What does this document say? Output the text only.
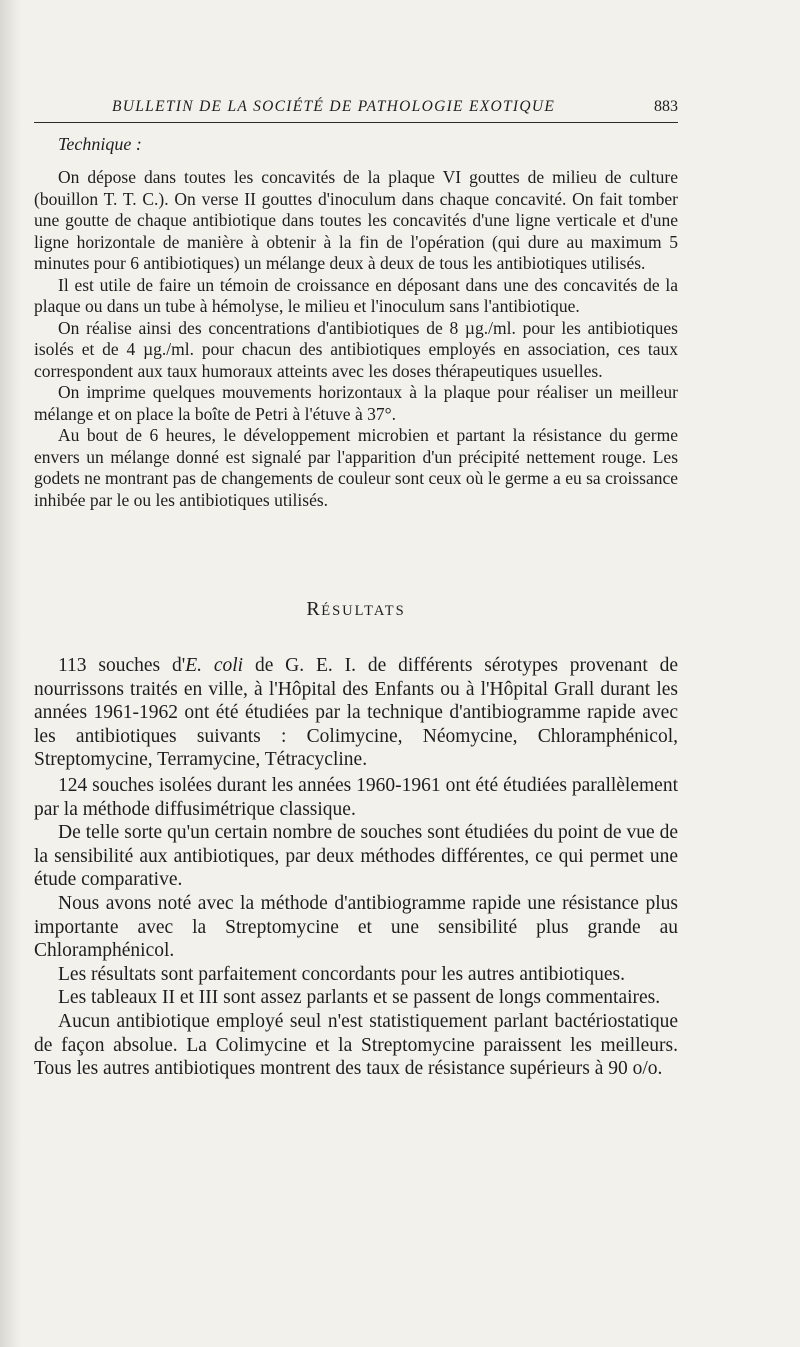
BULLETIN DE LA SOCIÉTÉ DE PATHOLOGIE EXOTIQUE	883
Technique :

On dépose dans toutes les concavités de la plaque VI gouttes de milieu de culture (bouillon T. T. C.). On verse II gouttes d'inoculum dans chaque concavité. On fait tomber une goutte de chaque antibiotique dans toutes les concavités d'une ligne verticale et d'une ligne horizontale de manière à obtenir à la fin de l'opération (qui dure au maximum 5 minutes pour 6 antibiotiques) un mélange deux à deux de tous les antibiotiques utilisés.

Il est utile de faire un témoin de croissance en déposant dans une des concavités de la plaque ou dans un tube à hémolyse, le milieu et l'inoculum sans l'antibiotique.

On réalise ainsi des concentrations d'antibiotiques de 8 µg./ml. pour les antibiotiques isolés et de 4 µg./ml. pour chacun des antibiotiques employés en association, ces taux correspondent aux taux humoraux atteints avec les doses thérapeutiques usuelles.

On imprime quelques mouvements horizontaux à la plaque pour réaliser un meilleur mélange et on place la boîte de Petri à l'étuve à 37°.

Au bout de 6 heures, le développement microbien et partant la résistance du germe envers un mélange donné est signalé par l'apparition d'un précipité nettement rouge. Les godets ne montrant pas de changements de couleur sont ceux où le germe a eu sa croissance inhibée par le ou les antibiotiques utilisés.

RÉSULTATS

113 souches d'E. coli de G. E. I. de différents sérotypes provenant de nourrissons traités en ville, à l'Hôpital des Enfants ou à l'Hôpital Grall durant les années 1961-1962 ont été étudiées par la technique d'antibiogramme rapide avec les antibiotiques suivants : Colimycine, Néomycine, Chloramphénicol, Streptomycine, Terramycine, Tétracycline.

124 souches isolées durant les années 1960-1961 ont été étudiées parallèlement par la méthode diffusimétrique classique.

De telle sorte qu'un certain nombre de souches sont étudiées du point de vue de la sensibilité aux antibiotiques, par deux méthodes différentes, ce qui permet une étude comparative.

Nous avons noté avec la méthode d'antibiogramme rapide une résistance plus importante avec la Streptomycine et une sensibilité plus grande au Chloramphénicol.

Les résultats sont parfaitement concordants pour les autres antibiotiques.

Les tableaux II et III sont assez parlants et se passent de longs commentaires.

Aucun antibiotique employé seul n'est statistiquement parlant bactériostatique de façon absolue. La Colimycine et la Streptomycine paraissent les meilleurs. Tous les autres antibiotiques montrent des taux de résistance supérieurs à 90 o/o.
